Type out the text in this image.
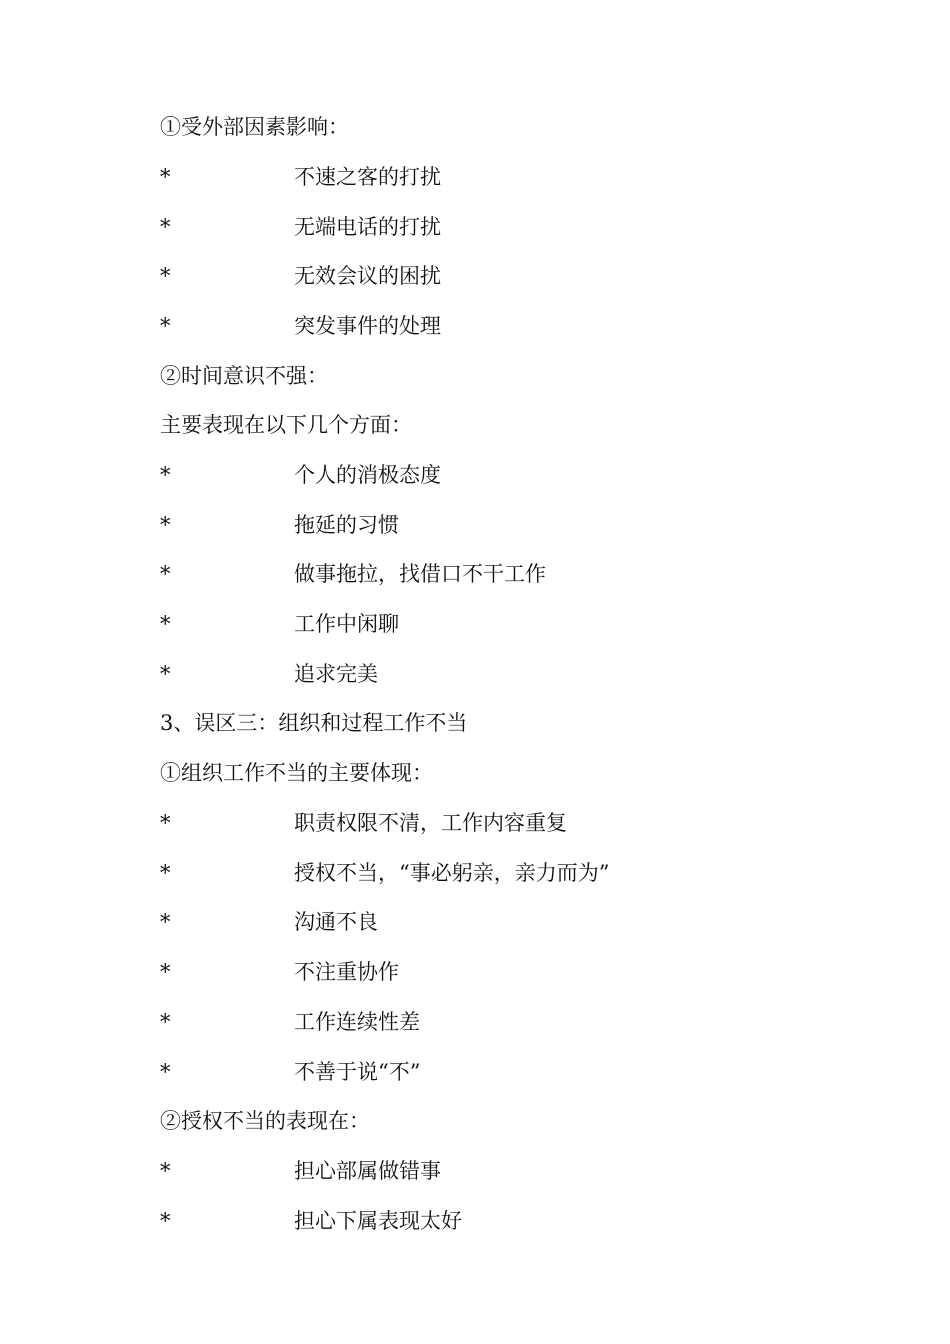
①受外部因素影响：
*	不速之客的打扰
*	无端电话的打扰
*	无效会议的困扰
*	突发事件的处理
②时间意识不强：
主要表现在以下几个方面：
*	个人的消极态度
*	拖延的习惯
*	做事拖拉，找借口不干工作
*	工作中闲聊
*	追求完美
3、误区三：组织和过程工作不当
①组织工作不当的主要体现：
*	职责权限不清，工作内容重复
*	授权不当，“事必躬亲，亲力而为”
*	沟通不良
*	不注重协作
*	工作连续性差
*	不善于说“不”
②授权不当的表现在：
*	担心部属做错事
*	担心下属表现太好
